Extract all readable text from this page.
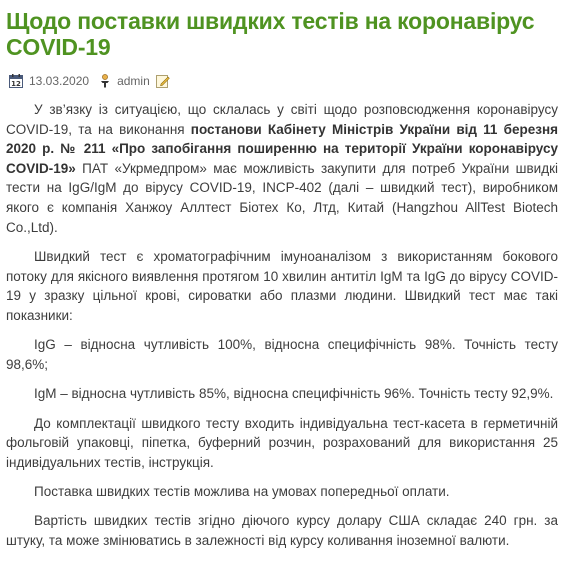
Щодо поставки швидких тестів на коронавірус COVID-19
12 13.03.2020 admin

У зв’язку із ситуацією, що склалась у світі щодо розповсюдження коронавірусу COVID-19, та на виконання постанови Кабінету Міністрів України від 11 березня 2020 р. № 211 «Про запобігання поширенню на території України коронавірусу COVID-19» ПАТ «Укрмедпром» має можливість закупити для потреб України швидкі тести на IgG/IgM до вірусу COVID-19, INCP-402 (далі – швидкий тест), виробником якого є компанія Ханжоу Аллтест Біотех Ко, Лтд, Китай (Hangzhou AllTest Biotech Co.,Ltd).

Швидкий тест є хроматографічним імуноаналізом з використанням бокового потоку для якісного виявлення протягом 10 хвилин антитіл IgM та IgG до вірусу COVID-19 у зразку цільної крові, сироватки або плазми людини. Швидкий тест має такі показники:

IgG – відносна чутливість 100%, відносна специфічність 98%. Точність тесту 98,6%;

IgM – відносна чутливість 85%, відносна специфічність 96%. Точність тесту 92,9%.

До комплектації швидкого тесту входить індивідуальна тест-касета в герметичній фольговій упаковці, піпетка, буферний розчин, розрахований для використання 25 індивідуальних тестів, інструкція.

Поставка швидких тестів можлива на умовах попередньої оплати.

Вартість швидких тестів згідно діючого курсу долару США складає 240 грн. за штуку, та може змінюватись в залежності від курсу коливання іноземної валюти.
